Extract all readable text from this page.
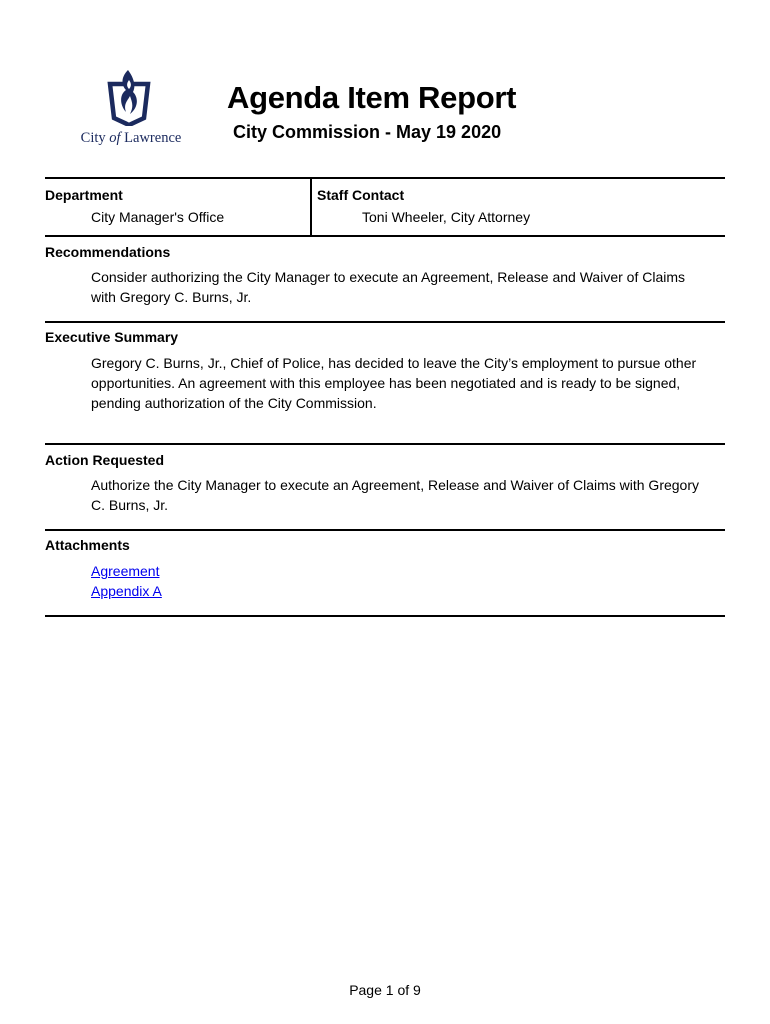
City of Lawrence
Agenda Item Report
City Commission - May 19 2020
Department
City Manager's Office
Staff Contact
Toni Wheeler, City Attorney
Recommendations
Consider authorizing the City Manager to execute an Agreement, Release and Waiver of Claims with Gregory C. Burns, Jr.
Executive Summary
Gregory C. Burns, Jr., Chief of Police, has decided to leave the City’s employment to pursue other opportunities. An agreement with this employee has been negotiated and is ready to be signed, pending authorization of the City Commission.
Action Requested
Authorize the City Manager to execute an Agreement, Release and Waiver of Claims with Gregory C. Burns, Jr.
Attachments
Agreement
Appendix A
Page 1 of 9
